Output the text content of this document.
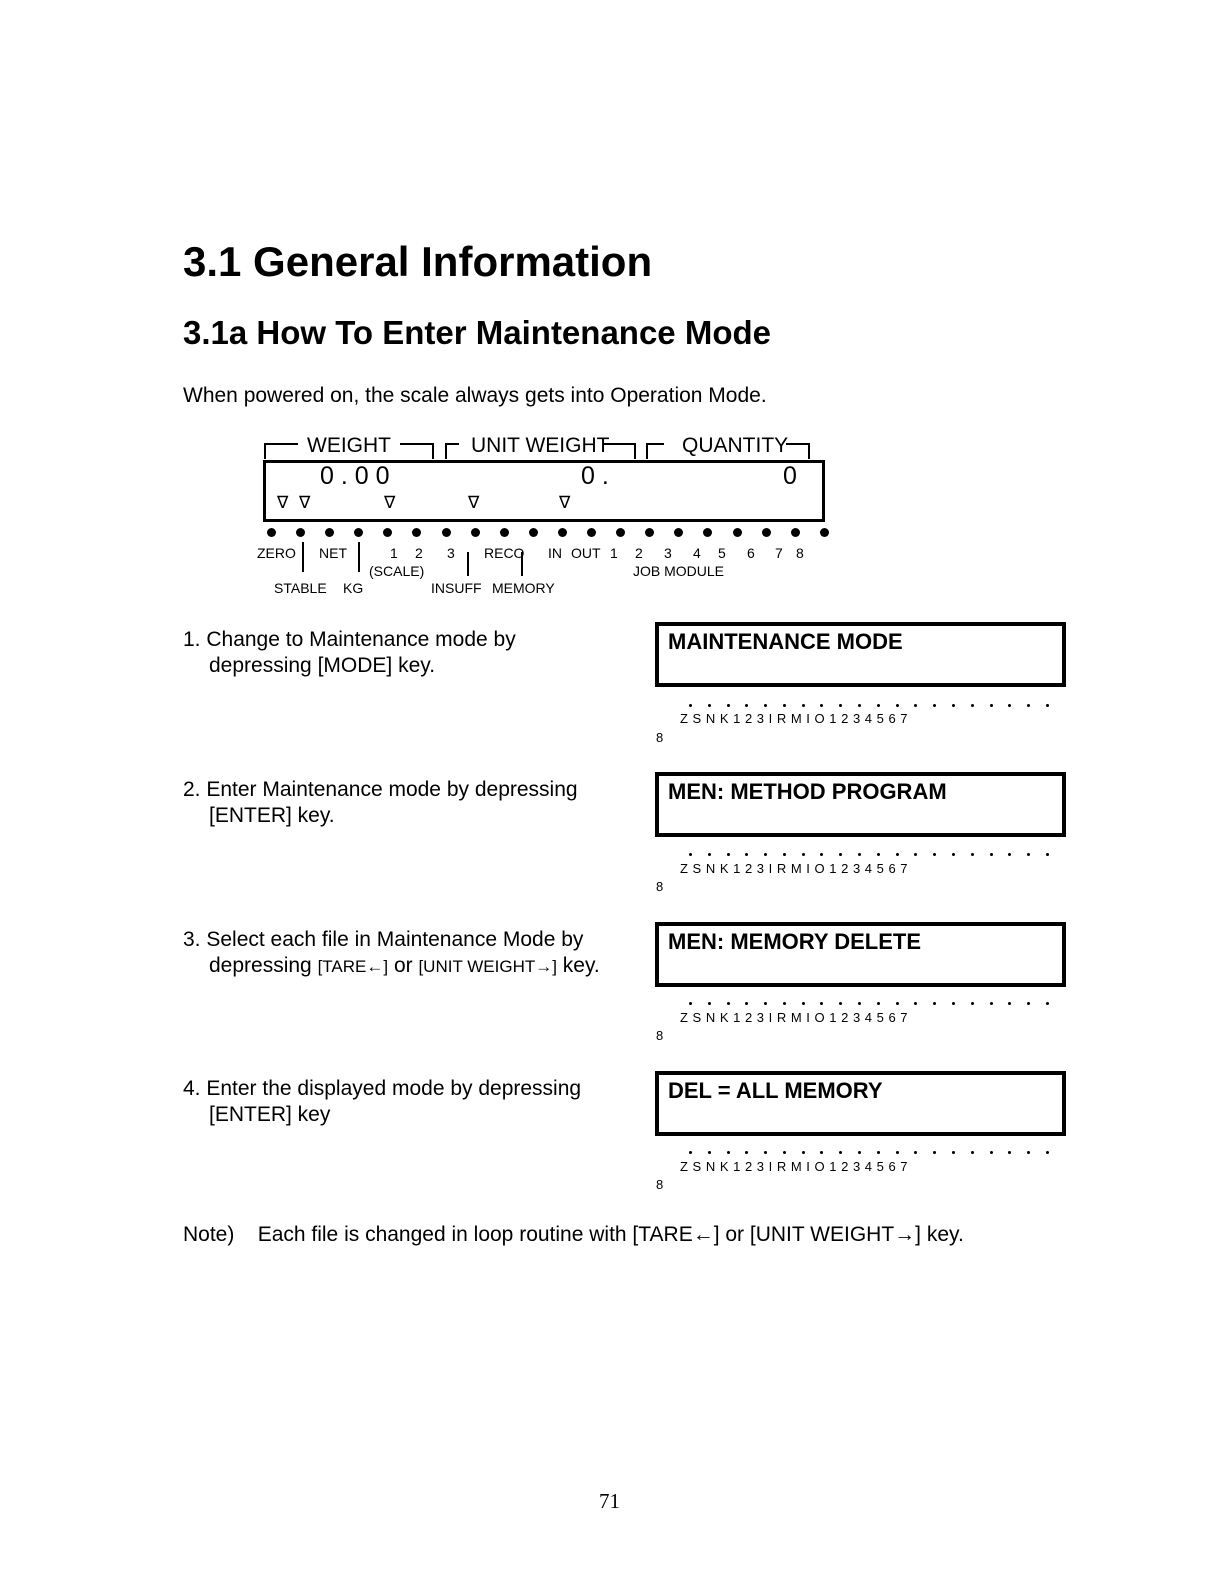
3.1 General Information
3.1a How To Enter Maintenance Mode
When powered on, the scale always gets into Operation Mode.
WEIGHT	UNIT WEIGHT	QUANTITY
0 . 0 0	0 .	0
∇ ∇	∇	∇	∇
ZERO NET	1 2 3 RECO IN OUT 1 2 3 4 5 6 7 8
(SCALE)	JOB MODULE
STABLE KG	INSUFF MEMORY
1. Change to Maintenance mode by
depressing [MODE] key.
MAINTENANCE MODE
2. Enter Maintenance mode by depressing
[ENTER] key.
MEN: METHOD PROGRAM
3. Select each file in Maintenance Mode by
depressing [TARE←] or [UNIT WEIGHT→] key.
MEN: MEMORY DELETE
4. Enter the displayed mode by depressing
[ENTER] key
DEL = ALL MEMORY
Z S N K 1 2 3 I R M I O 1 2 3 4 5 6 7
8
Z S N K 1 2 3 I R M I O 1 2 3 4 5 6 7
8
Z S N K 1 2 3 I R M I O 1 2 3 4 5 6 7
8
Z S N K 1 2 3 I R M I O 1 2 3 4 5 6 7
8
Note)    Each file is changed in loop routine with [TARE←] or [UNIT WEIGHT→] key.
71
